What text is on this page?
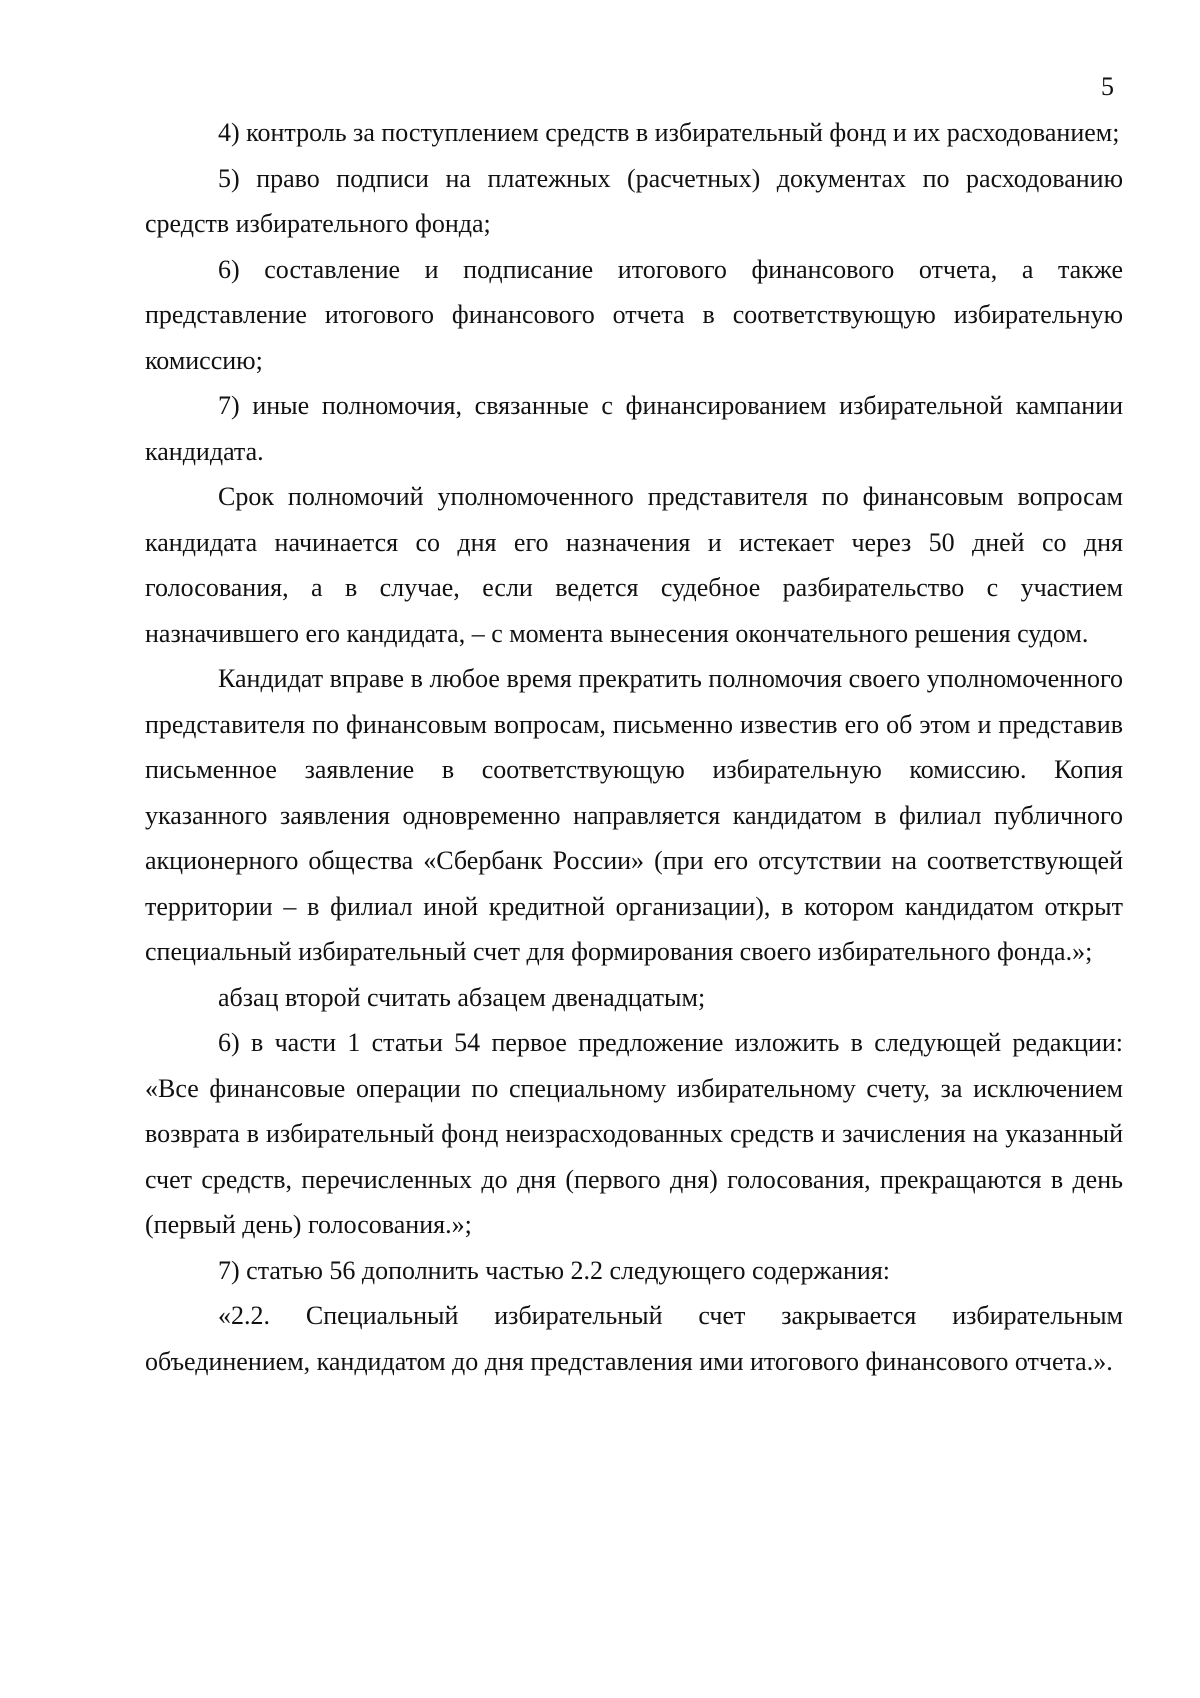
5

4) контроль за поступлением средств в избирательный фонд и их расходованием;

5) право подписи на платежных (расчетных) документах по расходованию средств избирательного фонда;

6) составление и подписание итогового финансового отчета, а также представление итогового финансового отчета в соответствующую избирательную комиссию;

7) иные полномочия, связанные с финансированием избирательной кампании кандидата.

Срок полномочий уполномоченного представителя по финансовым вопросам кандидата начинается со дня его назначения и истекает через 50 дней со дня голосования, а в случае, если ведется судебное разбирательство с участием назначившего его кандидата, – с момента вынесения окончательного решения судом.

Кандидат вправе в любое время прекратить полномочия своего уполномоченного представителя по финансовым вопросам, письменно известив его об этом и представив письменное заявление в соответствующую избирательную комиссию. Копия указанного заявления одновременно направляется кандидатом в филиал публичного акционерного общества «Сбербанк России» (при его отсутствии на соответствующей территории – в филиал иной кредитной организации), в котором кандидатом открыт специальный избирательный счет для формирования своего избирательного фонда.»;

абзац второй считать абзацем двенадцатым;

6) в части 1 статьи 54 первое предложение изложить в следующей редакции: «Все финансовые операции по специальному избирательному счету, за исключением возврата в избирательный фонд неизрасходованных средств и зачисления на указанный счет средств, перечисленных до дня (первого дня) голосования, прекращаются в день (первый день) голосования.»;

7) статью 56 дополнить частью 2.2 следующего содержания:

«2.2. Специальный избирательный счет закрывается избирательным объединением, кандидатом до дня представления ими итогового финансового отчета.».
